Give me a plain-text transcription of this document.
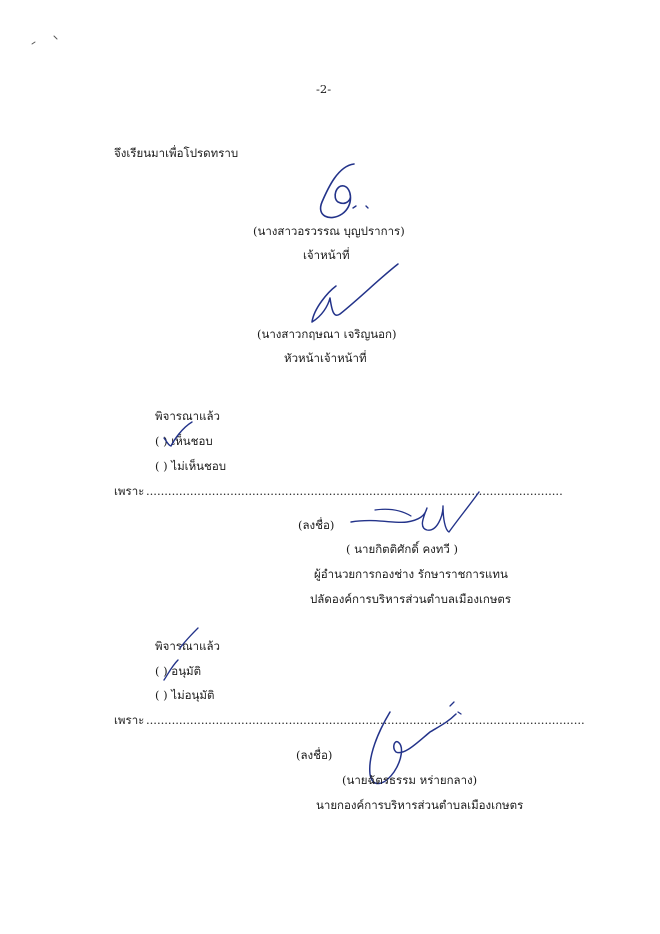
-2-
จึงเรียนมาเพื่อโปรดทราบ
(นางสาวอรวรรณ บุญปราการ)
เจ้าหน้าที่
(นางสาวกฤษณา เจริญนอก)
หัวหน้าเจ้าหน้าที่
พิจารณาแล้ว
( ) เห็นชอบ
( ) ไม่เห็นชอบ
เพราะ ..................................................................................................................
(ลงชื่อ)
( นายกิตติศักดิ์ คงทวี )
ผู้อำนวยการกองช่าง รักษาราชการแทน
ปลัดองค์การบริหารส่วนตำบลเมืองเกษตร
พิจารณาแล้ว
( ) อนุมัติ
( ) ไม่อนุมัติ
เพราะ ........................................................................................................................
(ลงชื่อ)
(นายฉัตรธรรม หร่ายกลาง)
นายกองค์การบริหารส่วนตำบลเมืองเกษตร
